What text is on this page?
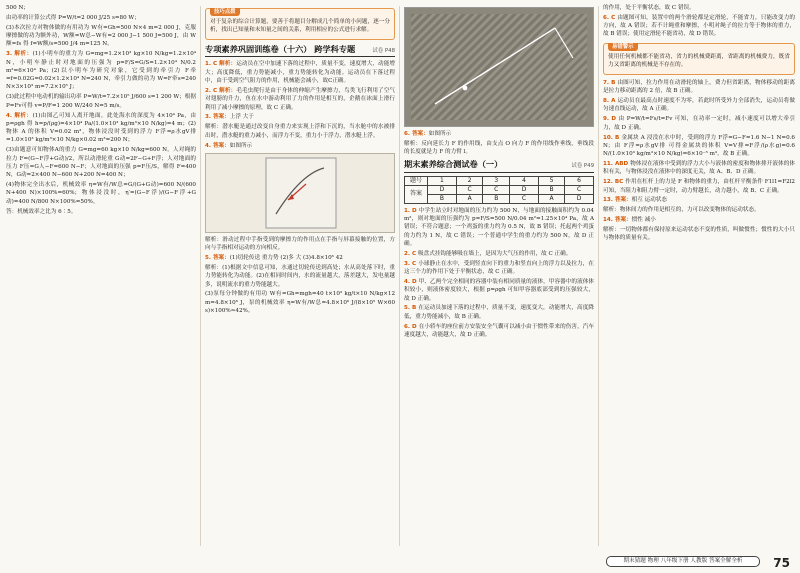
500 N；

由功率的计算公式得 P=W/t=2 000 J/25 s=80 W；

(3)本次拉力对物体做的有用功为 W有=Gh=500 N×4 m=2 000 J，克服摩擦做的功为额外功，W额=W总−W有=2 000 J−1 500 J=500 J，由 W额=fs 得 f=W额/s=500 J/4 m=125 N。

3. 解析：(1)小明车的重力为 G=mg=1.2×10³ kg×10 N/kg=1.2×10⁴ N，小明车静止时对地面的压强为 p=F/S=G/S=1.2×10⁴ N/0.2 m²=6×10⁴ Pa；(2)以小明车为研究对象，它受到的牵引力 F牵=f=0.02G=0.02×1.2×10⁴ N=240 N，牵引力做的功为 W=F牵s=240 N×3×10³ m=7.2×10⁵ J；

(3)此过程中电动机的输出功率 P=W/t=7.2×10⁵ J/600 s=1 200 W；根据P=Fv可得 v=P/F=1 200 W/240 N=5 m/s。

4. 解析：(1)由图乙可知人离开地面，此处海水的深度为 4×10⁴ Pa，由 p=ρgh 得 h=p/(ρg)=4×10⁴ Pa/(1.0×10³ kg/m³×10 N/kg)=4 m；(2)物体 A 的体积 V=0.02 m³，物体浸没时受到的浮力 F浮=ρ水gV排=1.0×10³ kg/m³×10 N/kg×0.02 m³=200 N；

(3)由题意可知物体A的重力 G=mg=60 kg×10 N/kg=600 N，人对绳的拉力 F=(G−F浮+G动)/2，所以动滑轮重 G动=2F−G+F浮；人对地面的压力 F压=G人−F=600 N−F；人对地面的压强 p=F压/S，解得 F=400 N，G动=2×400 N−600 N+200 N=400 N；

(4)物体完全出水后，机械效率 η=W有/W总=G/(G+G动)=600 N/(600 N+400 N)×100%=60%；物体浸没时，η′=(G−F浮)/(G−F浮+G动)=400 N/800 N×100%=50%。

答：机械效率之比为 6∶5。

技巧点拨

对于复杂的综合计算题，要善于将题目分解成几个简单的小问题，逐一分析，找出已知量和未知量之间的关系，利用相应的公式进行求解。

专项素养巩固训练卷（十六） 跨学科专题	试卷 P48

1. C 解析：运动员在空中加速下落的过程中，质量不变，速度增大，动能增大；高度降低，重力势能减小，重力势能转化为动能。运动员在下落过程中，由于受到空气阻力的作用，机械能会减小，故C正确。

2. C 解析：毛毛虫爬行是由于身体的伸缩产生摩擦力，鸟类飞行利用了空气对翅膀的升力，鱼在水中游动利用了力的作用是相互的，企鹅在冰面上滑行利用了减小摩擦的原理，故 C 正确。

3. 答案：上浮 大于

解析：潜水艇是通过改变自身重力来实现上浮和下沉的，当水舱中的水被排出时，潜水艇的重力减小，而浮力不变，重力小于浮力，潜水艇上浮。

4. 答案：如图所示

解析：滑动过程中手指受到的摩擦力的作用点在手指与屏幕接触的位置，方向与手指相对运动的方向相反。

5. 答案：(1)切轮传送 重力势 (2)多 大 (3)4.8×10⁶ 42

解析：(1)根据文中信息可知，水通过切轮传送到高处；水从高处落下时，重力势能转化为动能。(2)在相同时间内，水的流量越大，落差越大，发电量越多，说明流水的重力势能越大。

(3)泵每分钟做的有用功 W有=Gh=mgh=40 t×10³ kg/t×10 N/kg×12 m=4.8×10⁶ J，泵的机械效率 η=W有/W总=4.8×10⁶ J/(8×10⁵ W×60 s)×100%≈42%。

6. 答案：如图所示

解析：反向延长力 F 的作用线，由支点 O 向力 F 的作用线作垂线，垂线段的长度就是力 F 的力臂 l。

期末素养综合测试卷（一）	试卷 P49
题号	1	2	3	4	5	6
答案	D	C	C	D	B	C
	B	A	B	C	A	D

1. D 中学生站立时对地面的压力约为 500 N，与地面的接触面积约为 0.04 m²，则对地面的压强约为 p=F/S=500 N/0.04 m²=1.25×10⁴ Pa，故 A 错误；不符合题意；一个鸡蛋的重力约为 0.5 N，故 B 错误；托起两个鸡蛋的力约为 1 N，故 C 错误；一个普通中学生的重力约为 500 N，故 D 正确。

2. C 吸盘式挂钩能够吸在墙上，是因为大气压的作用，故 C 正确。

3. C 小球静止在水中，受到竖直向下的重力和竖直向上的浮力以及拉力，在这三个力的作用下处于平衡状态，故 C 正确。

4. D 甲、乙两个完全相同的容器中装有相同质量的液体，甲容器中的液体体积较小，则液体密度较大，根据 p=ρgh 可知甲容器底部受到的压强较大，故 D 正确。

5. B 在运动员加速下落的过程中，质量不变，速度变大，动能增大，高度降低，重力势能减小，故 B 正确。

6. D 在小轿车的座位前方安装安全气囊可以减小由于惯性带来的伤害，汽车速度越大，动能越大，故 D 正确。

的作用，处于平衡状态，故 C 错误。

6. C 由题图可知，装置中的两个滑轮都是定滑轮，不能省力，只能改变力的方向，故 A 错误；若不计绳重和摩擦，小明对绳子的拉力等于物体的重力，故 B 错误；使用定滑轮不能省功，故 D 错误。

易错警示

使用任何机械都不能省功，省力的机械费距离，省距离的机械费力，既省力又省距离的机械是不存在的。

7. B 由图可知，拉力作用在动滑轮的轴上，费力但省距离，物体移动的距离是拉力移动距离的 2 倍，故 B 正确。

8. A 运动员在最高点时速度不为零，若此时所受外力全部消失，运动员将做匀速直线运动，故 A 正确。

9. D 由 P=W/t=Fs/t=Fv 可知，在功率一定时，减小速度可以增大牵引力，故 D 正确。

10. B 金属块 A 浸没在水中时，受到的浮力 F浮=G−F=1.6 N−1 N=0.6 N；由 F浮=ρ水gV排 可得金属块的体积 V=V排=F浮/(ρ水g)=0.6 N/(1.0×10³ kg/m³×10 N/kg)=6×10⁻⁵ m³，故 B 正确。

11. ABD 物体浸在液体中受到的浮力大小与液体的密度和物体排开液体的体积有关，与物体浸没在液体中的深度无关，故 A、B、D 正确。

12. BC 作用在杠杆上的力是 F 和物体的重力，由杠杆平衡条件 F1l1=F2l2 可知，当阻力和阻力臂一定时，动力臂越长，动力越小，故 B、C 正确。

13. 答案：相互 运动状态

解析：物体间力的作用是相互的，力可以改变物体的运动状态。

14. 答案：惯性 减小

解析：一切物体都有保持原来运动状态不变的性质，叫做惯性；惯性的大小只与物体的质量有关。

期末猜题 物理 八年级下册 人教版 答案全解全析	75
